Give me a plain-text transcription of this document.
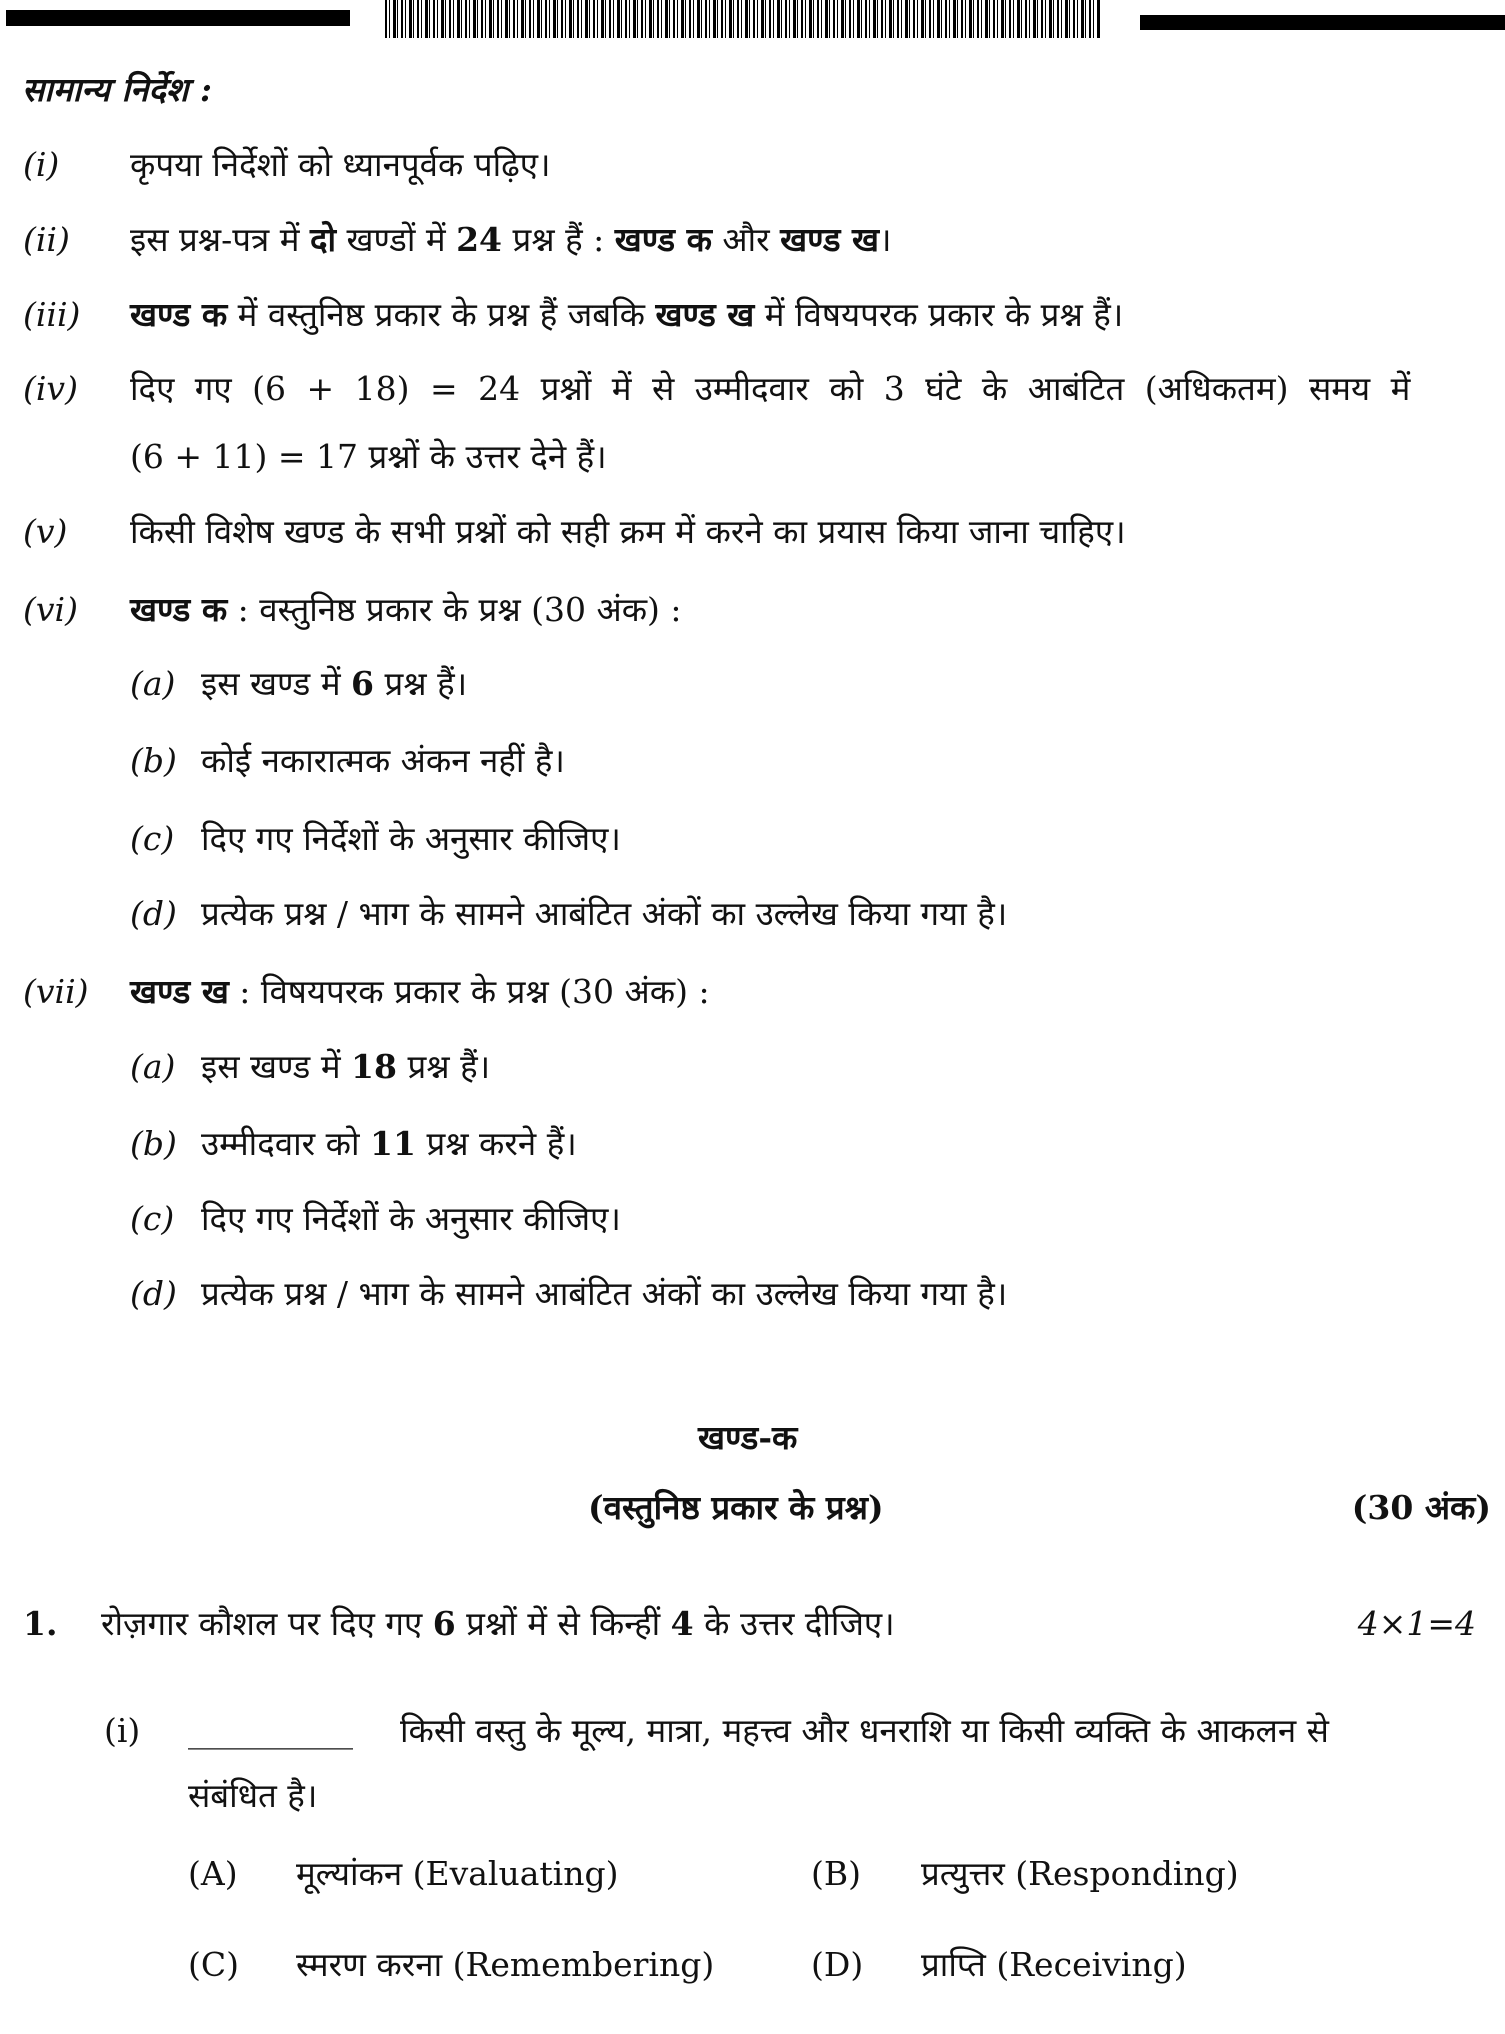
सामान्य निर्देश :
(i) कृपया निर्देशों को ध्यानपूर्वक पढ़िए।
(ii) इस प्रश्न-पत्र में दो खण्डों में 24 प्रश्न हैं : खण्ड क और खण्ड ख।
(iii) खण्ड क में वस्तुनिष्ठ प्रकार के प्रश्न हैं जबकि खण्ड ख में विषयपरक प्रकार के प्रश्न हैं।
(iv) दिए गए (6 + 18) = 24 प्रश्नों में से उम्मीदवार को 3 घंटे के आबंटित (अधिकतम) समय में
(6 + 11) = 17 प्रश्नों के उत्तर देने हैं।
(v) किसी विशेष खण्ड के सभी प्रश्नों को सही क्रम में करने का प्रयास किया जाना चाहिए।
(vi) खण्ड क : वस्तुनिष्ठ प्रकार के प्रश्न (30 अंक) :
(a) इस खण्ड में 6 प्रश्न हैं।
(b) कोई नकारात्मक अंकन नहीं है।
(c) दिए गए निर्देशों के अनुसार कीजिए।
(d) प्रत्येक प्रश्न / भाग के सामने आबंटित अंकों का उल्लेख किया गया है।
(vii) खण्ड ख : विषयपरक प्रकार के प्रश्न (30 अंक) :
(a) इस खण्ड में 18 प्रश्न हैं।
(b) उम्मीदवार को 11 प्रश्न करने हैं।
(c) दिए गए निर्देशों के अनुसार कीजिए।
(d) प्रत्येक प्रश्न / भाग के सामने आबंटित अंकों का उल्लेख किया गया है।
खण्ड-क
(वस्तुनिष्ठ प्रकार के प्रश्न)	(30 अंक)
1. रोज़गार कौशल पर दिए गए 6 प्रश्नों में से किन्हीं 4 के उत्तर दीजिए।	4×1=4
(i) __________ किसी वस्तु के मूल्य, मात्रा, महत्त्व और धनराशि या किसी व्यक्ति के आकलन से
संबंधित है।
(A) मूल्यांकन (Evaluating)	(B) प्रत्युत्तर (Responding)
(C) स्मरण करना (Remembering)	(D) प्राप्ति (Receiving)
